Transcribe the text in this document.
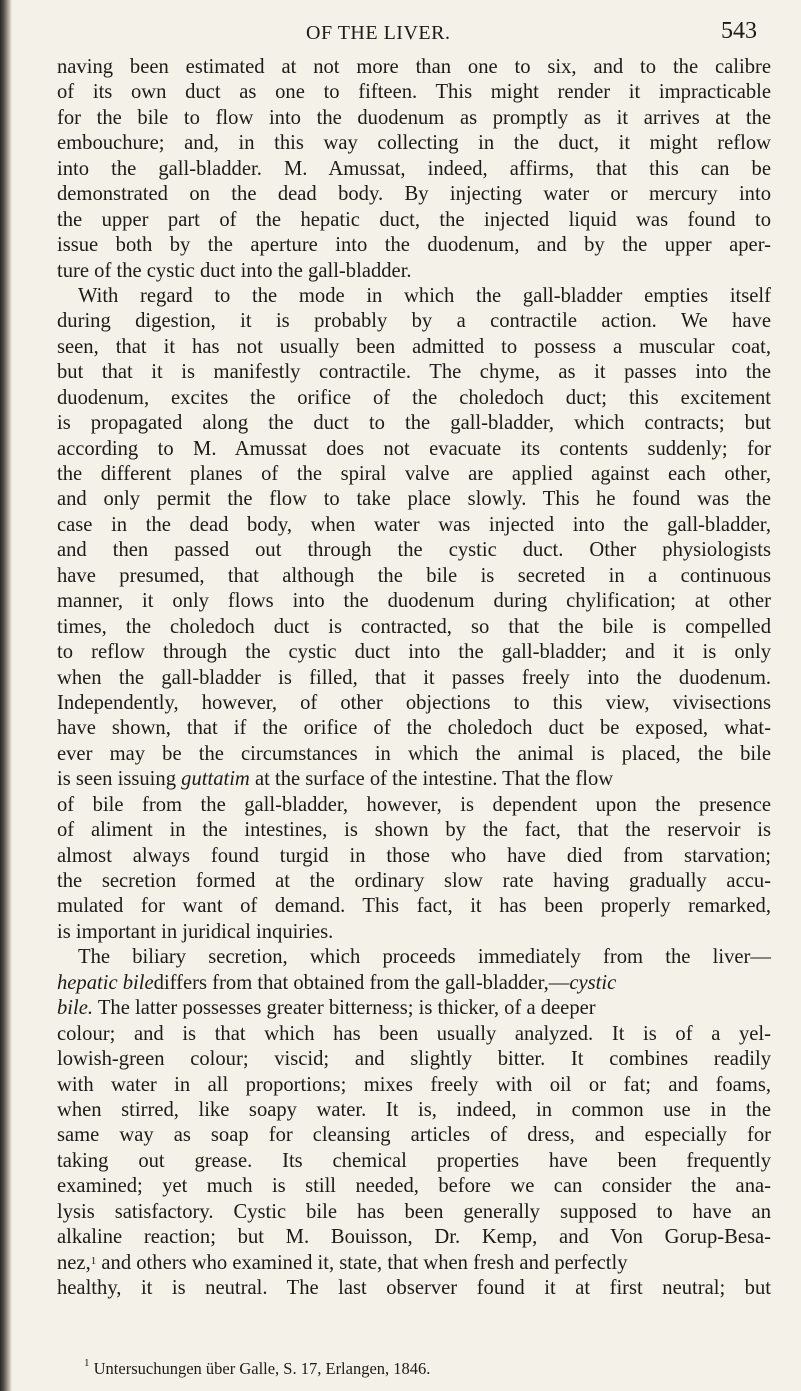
OF THE LIVER.	543
naving been estimated at not more than one to six, and to the calibre
of its own duct as one to fifteen. This might render it impracticable
for the bile to flow into the duodenum as promptly as it arrives at the
embouchure; and, in this way collecting in the duct, it might reflow
into the gall-bladder. M. Amussat, indeed, affirms, that this can be
demonstrated on the dead body. By injecting water or mercury into
the upper part of the hepatic duct, the injected liquid was found to
issue both by the aperture into the duodenum, and by the upper aper-
ture of the cystic duct into the gall-bladder.
With regard to the mode in which the gall-bladder empties itself
during digestion, it is probably by a contractile action. We have
seen, that it has not usually been admitted to possess a muscular coat,
but that it is manifestly contractile. The chyme, as it passes into the
duodenum, excites the orifice of the choledoch duct; this excitement
is propagated along the duct to the gall-bladder, which contracts; but
according to M. Amussat does not evacuate its contents suddenly; for
the different planes of the spiral valve are applied against each other,
and only permit the flow to take place slowly. This he found was the
case in the dead body, when water was injected into the gall-bladder,
and then passed out through the cystic duct. Other physiologists
have presumed, that although the bile is secreted in a continuous
manner, it only flows into the duodenum during chylification; at other
times, the choledoch duct is contracted, so that the bile is compelled
to reflow through the cystic duct into the gall-bladder; and it is only
when the gall-bladder is filled, that it passes freely into the duodenum.
Independently, however, of other objections to this view, vivisections
have shown, that if the orifice of the choledoch duct be exposed, what-
ever may be the circumstances in which the animal is placed, the bile
is seen issuing guttatim at the surface of the intestine. That the flow
of bile from the gall-bladder, however, is dependent upon the presence
of aliment in the intestines, is shown by the fact, that the reservoir is
almost always found turgid in those who have died from starvation;
the secretion formed at the ordinary slow rate having gradually accu-
mulated for want of demand. This fact, it has been properly remarked,
is important in juridical inquiries.
The biliary secretion, which proceeds immediately from the liver—
hepatic bilediffers from that obtained from the gall-bladder,—cystic
bile. The latter possesses greater bitterness; is thicker, of a deeper
colour; and is that which has been usually analyzed. It is of a yel-
lowish-green colour; viscid; and slightly bitter. It combines readily
with water in all proportions; mixes freely with oil or fat; and foams,
when stirred, like soapy water. It is, indeed, in common use in the
same way as soap for cleansing articles of dress, and especially for
taking out grease. Its chemical properties have been frequently
examined; yet much is still needed, before we can consider the ana-
lysis satisfactory. Cystic bile has been generally supposed to have an
alkaline reaction; but M. Bouisson, Dr. Kemp, and Von Gorup-Besa-
nez,$^1$ and others who examined it, state, that when fresh and perfectly
healthy, it is neutral. The last observer found it at first neutral; but
$^1$ Untersuchungen über Galle, S. 17, Erlangen, 1846.
